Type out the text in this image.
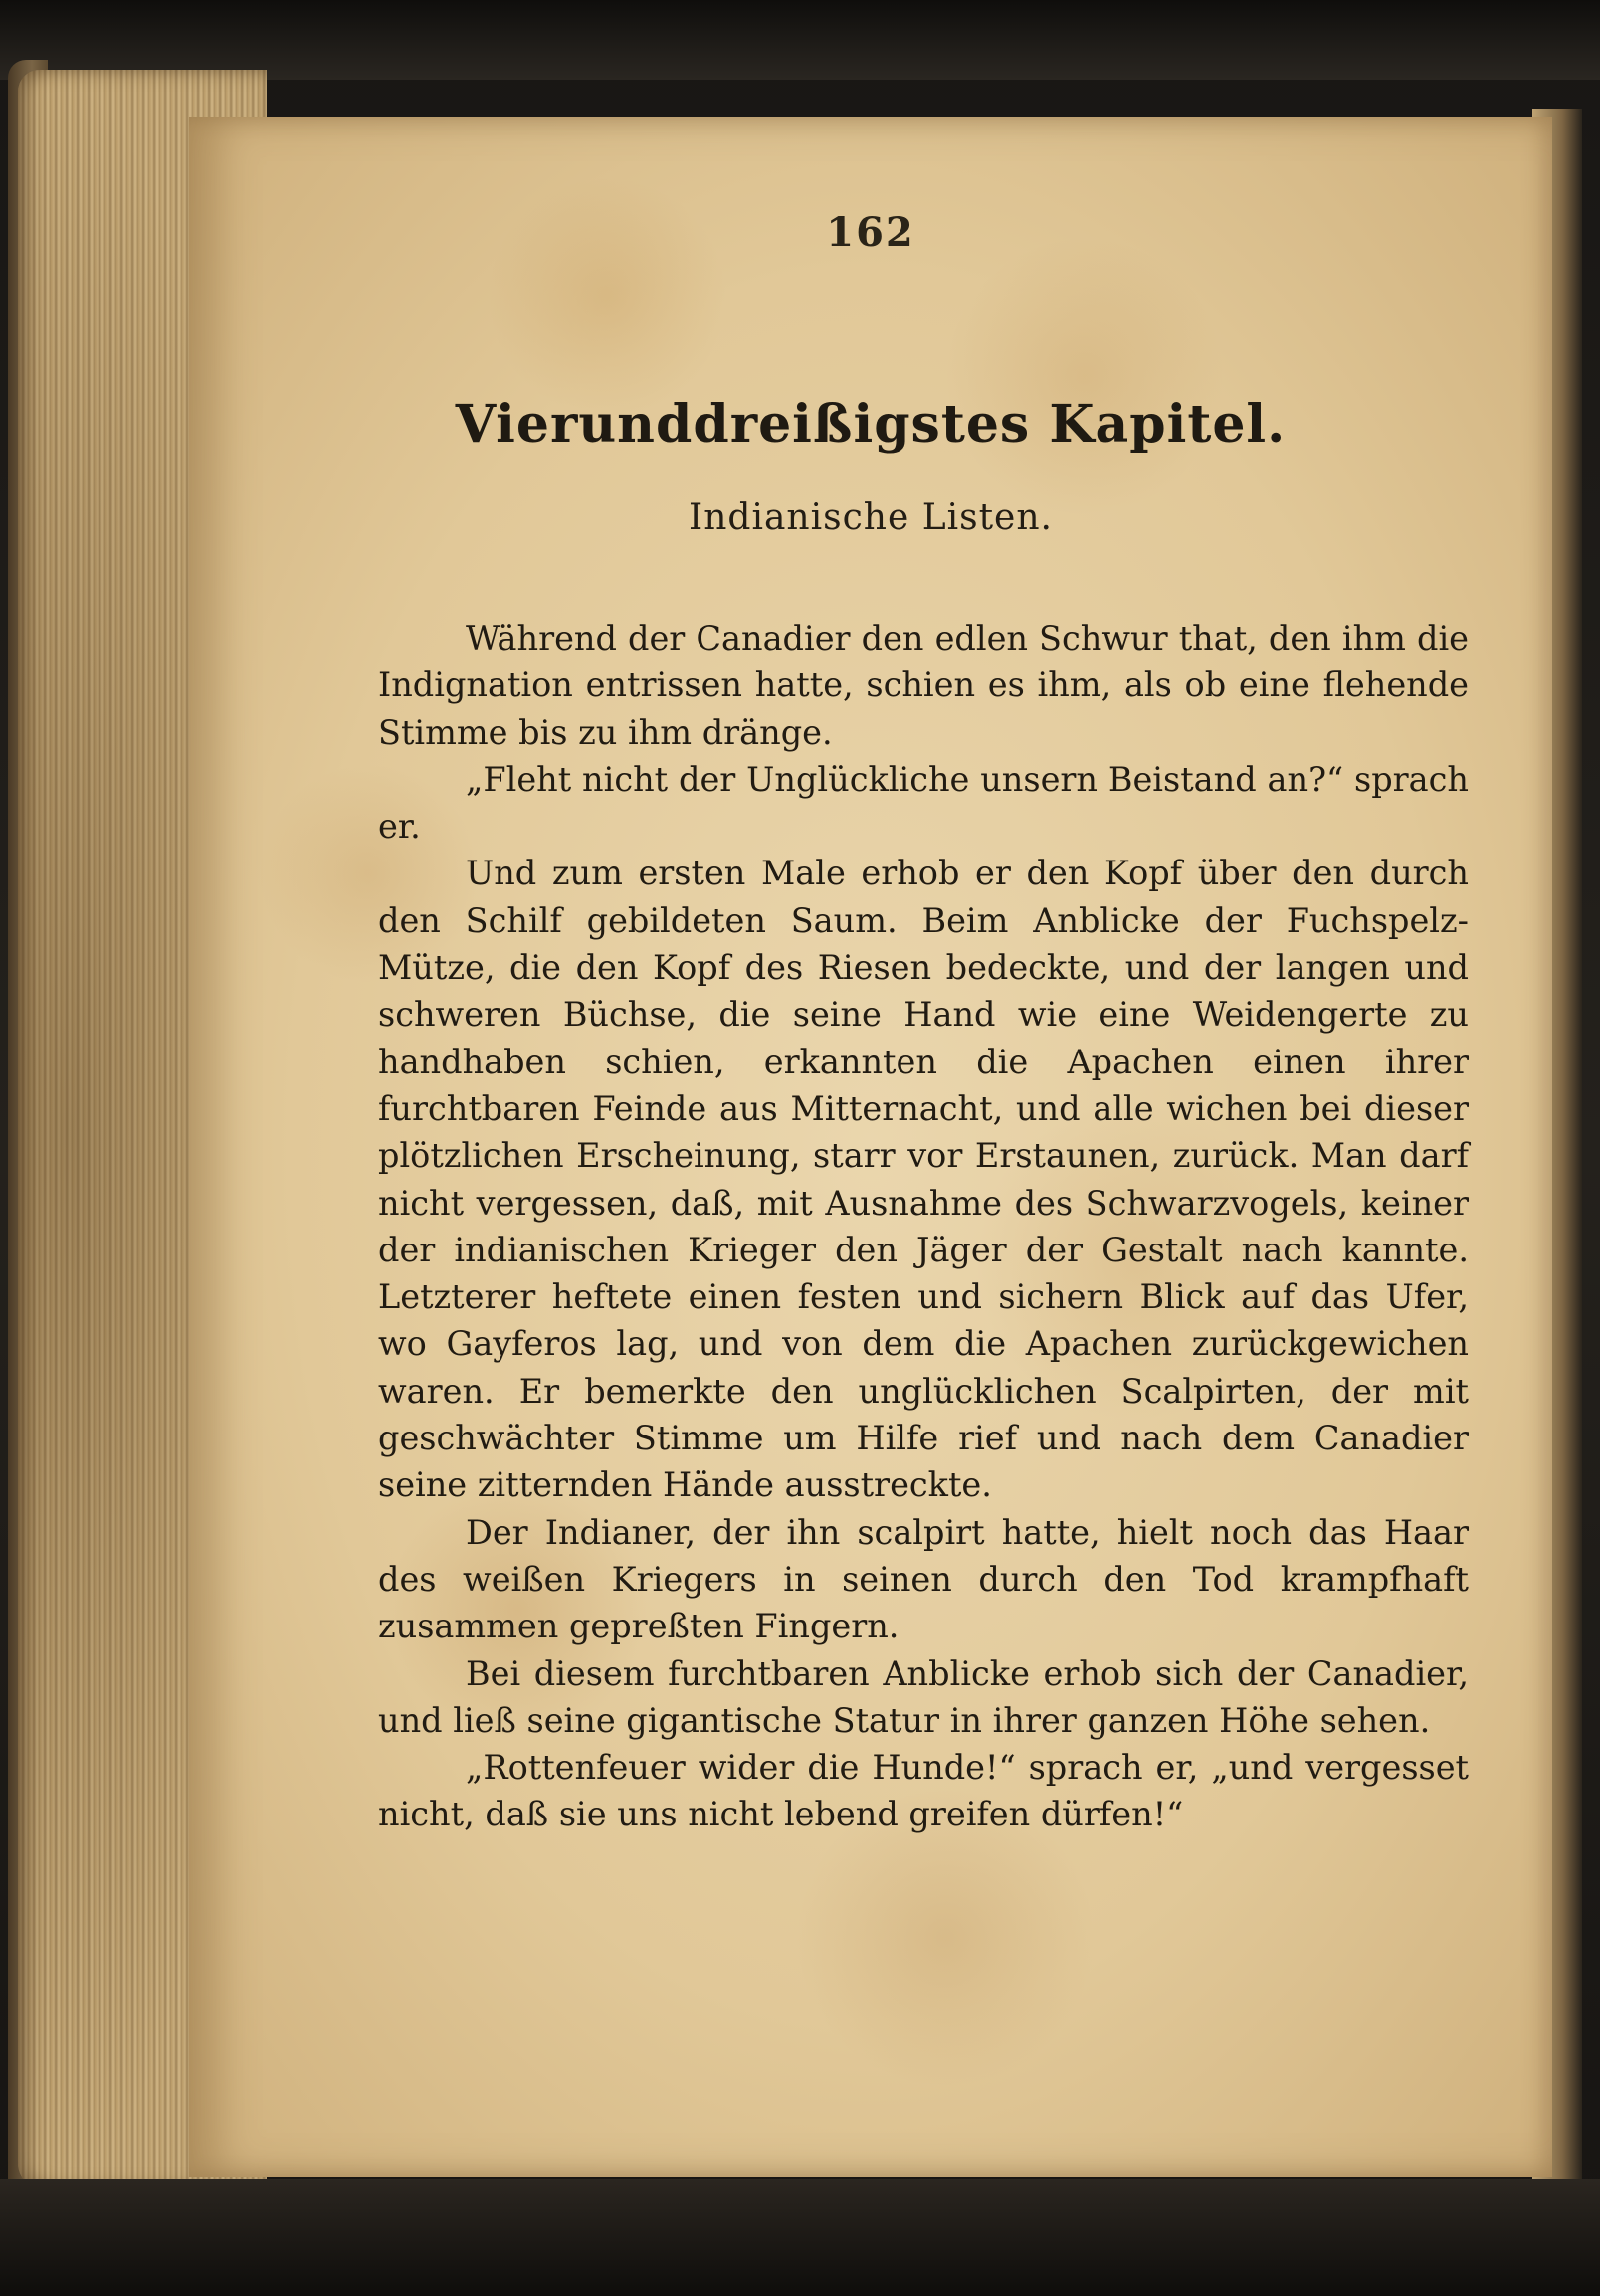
162
Vierunddreißigstes Kapitel.
Indianische Listen.

Während der Canadier den edlen Schwur that, den ihm die Indignation entrissen hatte, schien es ihm, als ob eine flehende Stimme bis zu ihm dränge.

„Fleht nicht der Unglückliche unsern Beistand an?“ sprach er.

Und zum ersten Male erhob er den Kopf über den durch den Schilf gebildeten Saum. Beim Anblicke der Fuchspelz-Mütze, die den Kopf des Riesen bedeckte, und der langen und schweren Büchse, die seine Hand wie eine Weidengerte zu handhaben schien, erkannten die Apachen einen ihrer furchtbaren Feinde aus Mitternacht, und alle wichen bei dieser plötzlichen Erscheinung, starr vor Erstaunen, zurück. Man darf nicht vergessen, daß, mit Ausnahme des Schwarzvogels, keiner der indianischen Krieger den Jäger der Gestalt nach kannte. Letzterer heftete einen festen und sichern Blick auf das Ufer, wo Gayferos lag, und von dem die Apachen zurückgewichen waren. Er bemerkte den unglücklichen Scalpirten, der mit geschwächter Stimme um Hilfe rief und nach dem Canadier seine zitternden Hände ausstreckte.

Der Indianer, der ihn scalpirt hatte, hielt noch das Haar des weißen Kriegers in seinen durch den Tod krampfhaft zusammen gepreßten Fingern.

Bei diesem furchtbaren Anblicke erhob sich der Canadier, und ließ seine gigantische Statur in ihrer ganzen Höhe sehen.

„Rottenfeuer wider die Hunde!“ sprach er, „und vergesset nicht, daß sie uns nicht lebend greifen dürfen!“
